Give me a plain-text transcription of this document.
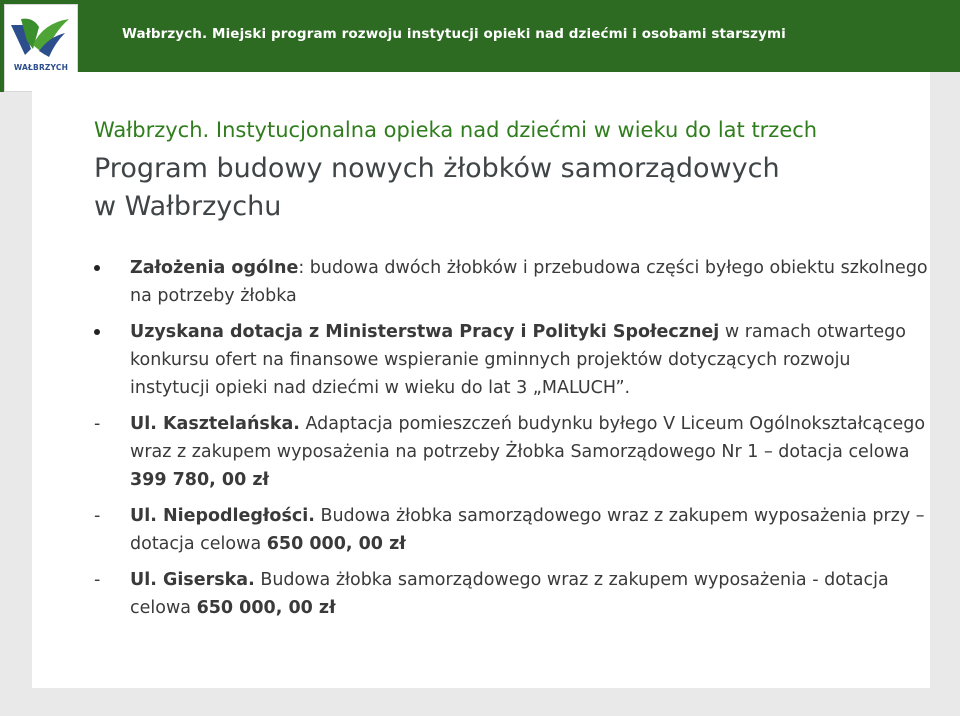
WAŁBRZYCH
Wałbrzych. Miejski program rozwoju instytucji opieki nad dziećmi i osobami starszymi
Wałbrzych. Instytucjonalna opieka nad dziećmi w wieku do lat trzech
Program budowy nowych żłobków samorządowych
w Wałbrzychu
Założenia ogólne: budowa dwóch żłobków i przebudowa części byłego obiektu szkolnego na potrzeby żłobka
Uzyskana dotacja z Ministerstwa Pracy i Polityki Społecznej w ramach otwartego konkursu ofert na finansowe wspieranie gminnych projektów dotyczących rozwoju instytucji opieki nad dziećmi w wieku do lat 3 „MALUCH”.
-	Ul. Kasztelańska. Adaptacja pomieszczeń budynku byłego V Liceum Ogólnokształcącego wraz z zakupem wyposażenia na potrzeby Żłobka Samorządowego Nr 1 – dotacja celowa 399 780, 00 zł
-	Ul. Niepodległości. Budowa żłobka samorządowego wraz z zakupem wyposażenia przy – dotacja celowa 650 000, 00 zł
-	Ul. Giserska. Budowa żłobka samorządowego wraz z zakupem wyposażenia - dotacja celowa 650 000, 00 zł
